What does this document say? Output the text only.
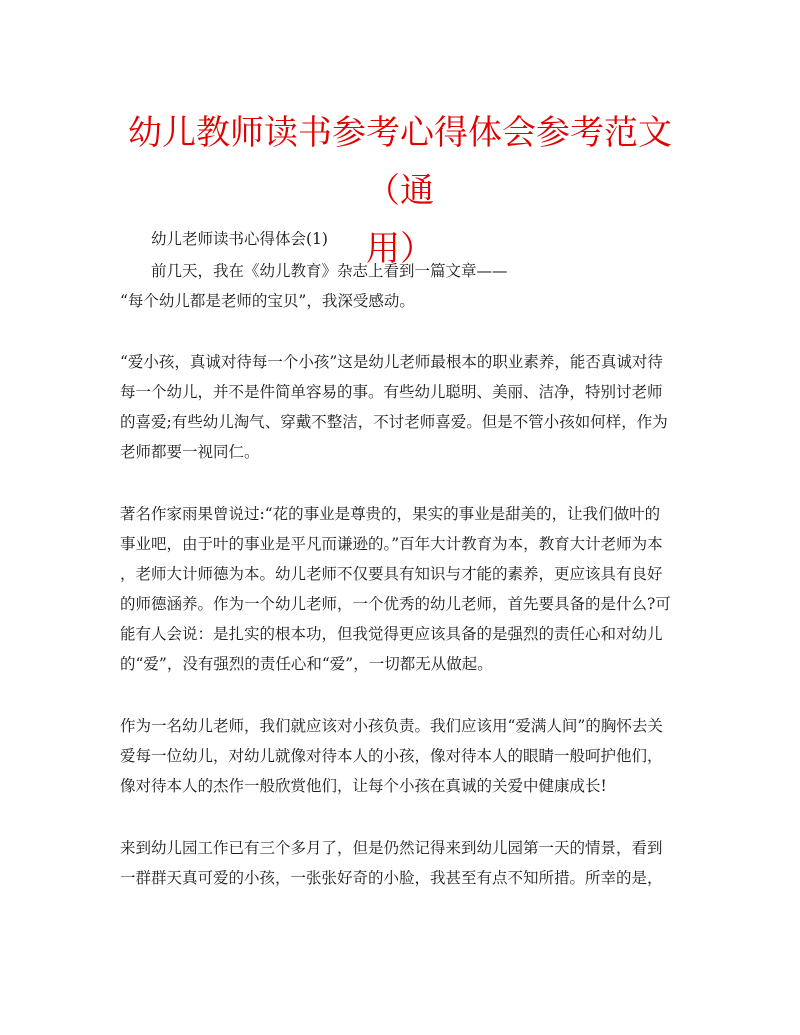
幼儿教师读书参考心得体会参考范文（通
用）
幼儿老师读书心得体会(1)
前几天，我在《幼儿教育》杂志上看到一篇文章——
“每个幼儿都是老师的宝贝”，我深受感动。
“爱小孩，真诚对待每一个小孩”这是幼儿老师最根本的职业素养，能否真诚对待
每一个幼儿，并不是件简单容易的事。有些幼儿聪明、美丽、洁净，特别讨老师
的喜爱;有些幼儿淘气、穿戴不整洁，不讨老师喜爱。但是不管小孩如何样，作为
老师都要一视同仁。
著名作家雨果曾说过:“花的事业是尊贵的，果实的事业是甜美的，让我们做叶的
事业吧，由于叶的事业是平凡而谦逊的。”百年大计教育为本，教育大计老师为本
，老师大计师德为本。幼儿老师不仅要具有知识与才能的素养，更应该具有良好
的师德涵养。作为一个幼儿老师，一个优秀的幼儿老师，首先要具备的是什么?可
能有人会说：是扎实的根本功，但我觉得更应该具备的是强烈的责任心和对幼儿
的“爱”，没有强烈的责任心和“爱”，一切都无从做起。
作为一名幼儿老师，我们就应该对小孩负责。我们应该用“爱满人间”的胸怀去关
爱每一位幼儿，对幼儿就像对待本人的小孩，像对待本人的眼睛一般呵护他们，
像对待本人的杰作一般欣赏他们，让每个小孩在真诚的关爱中健康成长!
来到幼儿园工作已有三个多月了，但是仍然记得来到幼儿园第一天的情景，看到
一群群天真可爱的小孩，一张张好奇的小脸，我甚至有点不知所措。所幸的是，
